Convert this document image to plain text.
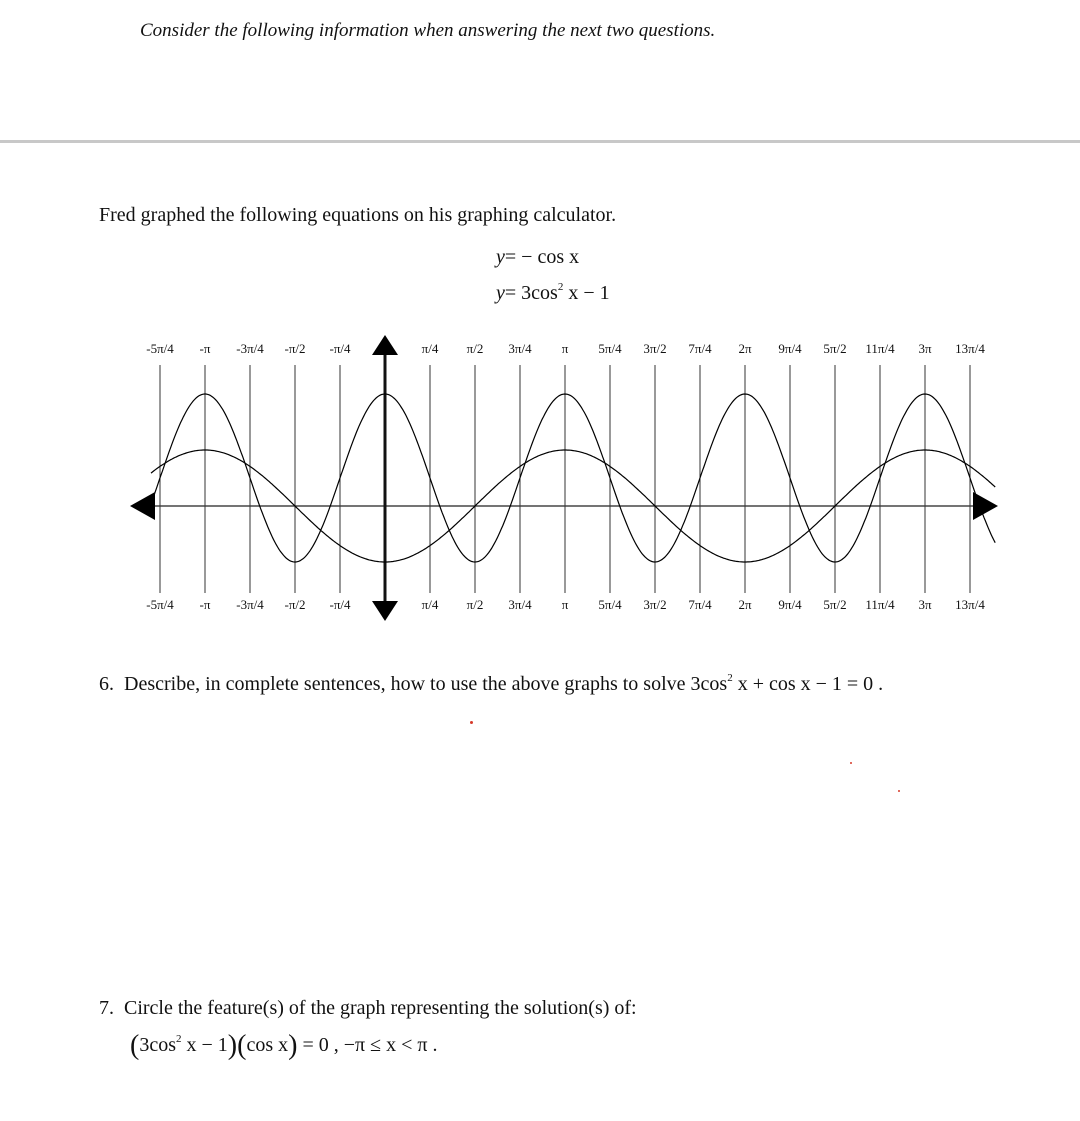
Consider the following information when answering the next two questions.
Fred graphed the following equations on his graphing calculator.
y= − cos x
$y= 3\cos^2$ x − 1
-5π/4
-5π/4
-π
-π
-3π/4
-3π/4
-π/2
-π/2
-π/4
-π/4
π/4
π/4
π/2
π/2
3π/4
3π/4
π
π
5π/4
5π/4
3π/2
3π/2
7π/4
7π/4
2π
2π
9π/4
9π/4
5π/2
5π/2
11π/4
11π/4
3π
3π
13π/4
13π/4
6. Describe, in complete sentences, how to use the above graphs to solve $3\cos^2$ x + cos x − 1 = 0 .
7. Circle the feature(s) of the graph representing the solution(s) of:
($3\cos^2$ x − 1)(cos x) = 0 , −π ≤ x < π .
